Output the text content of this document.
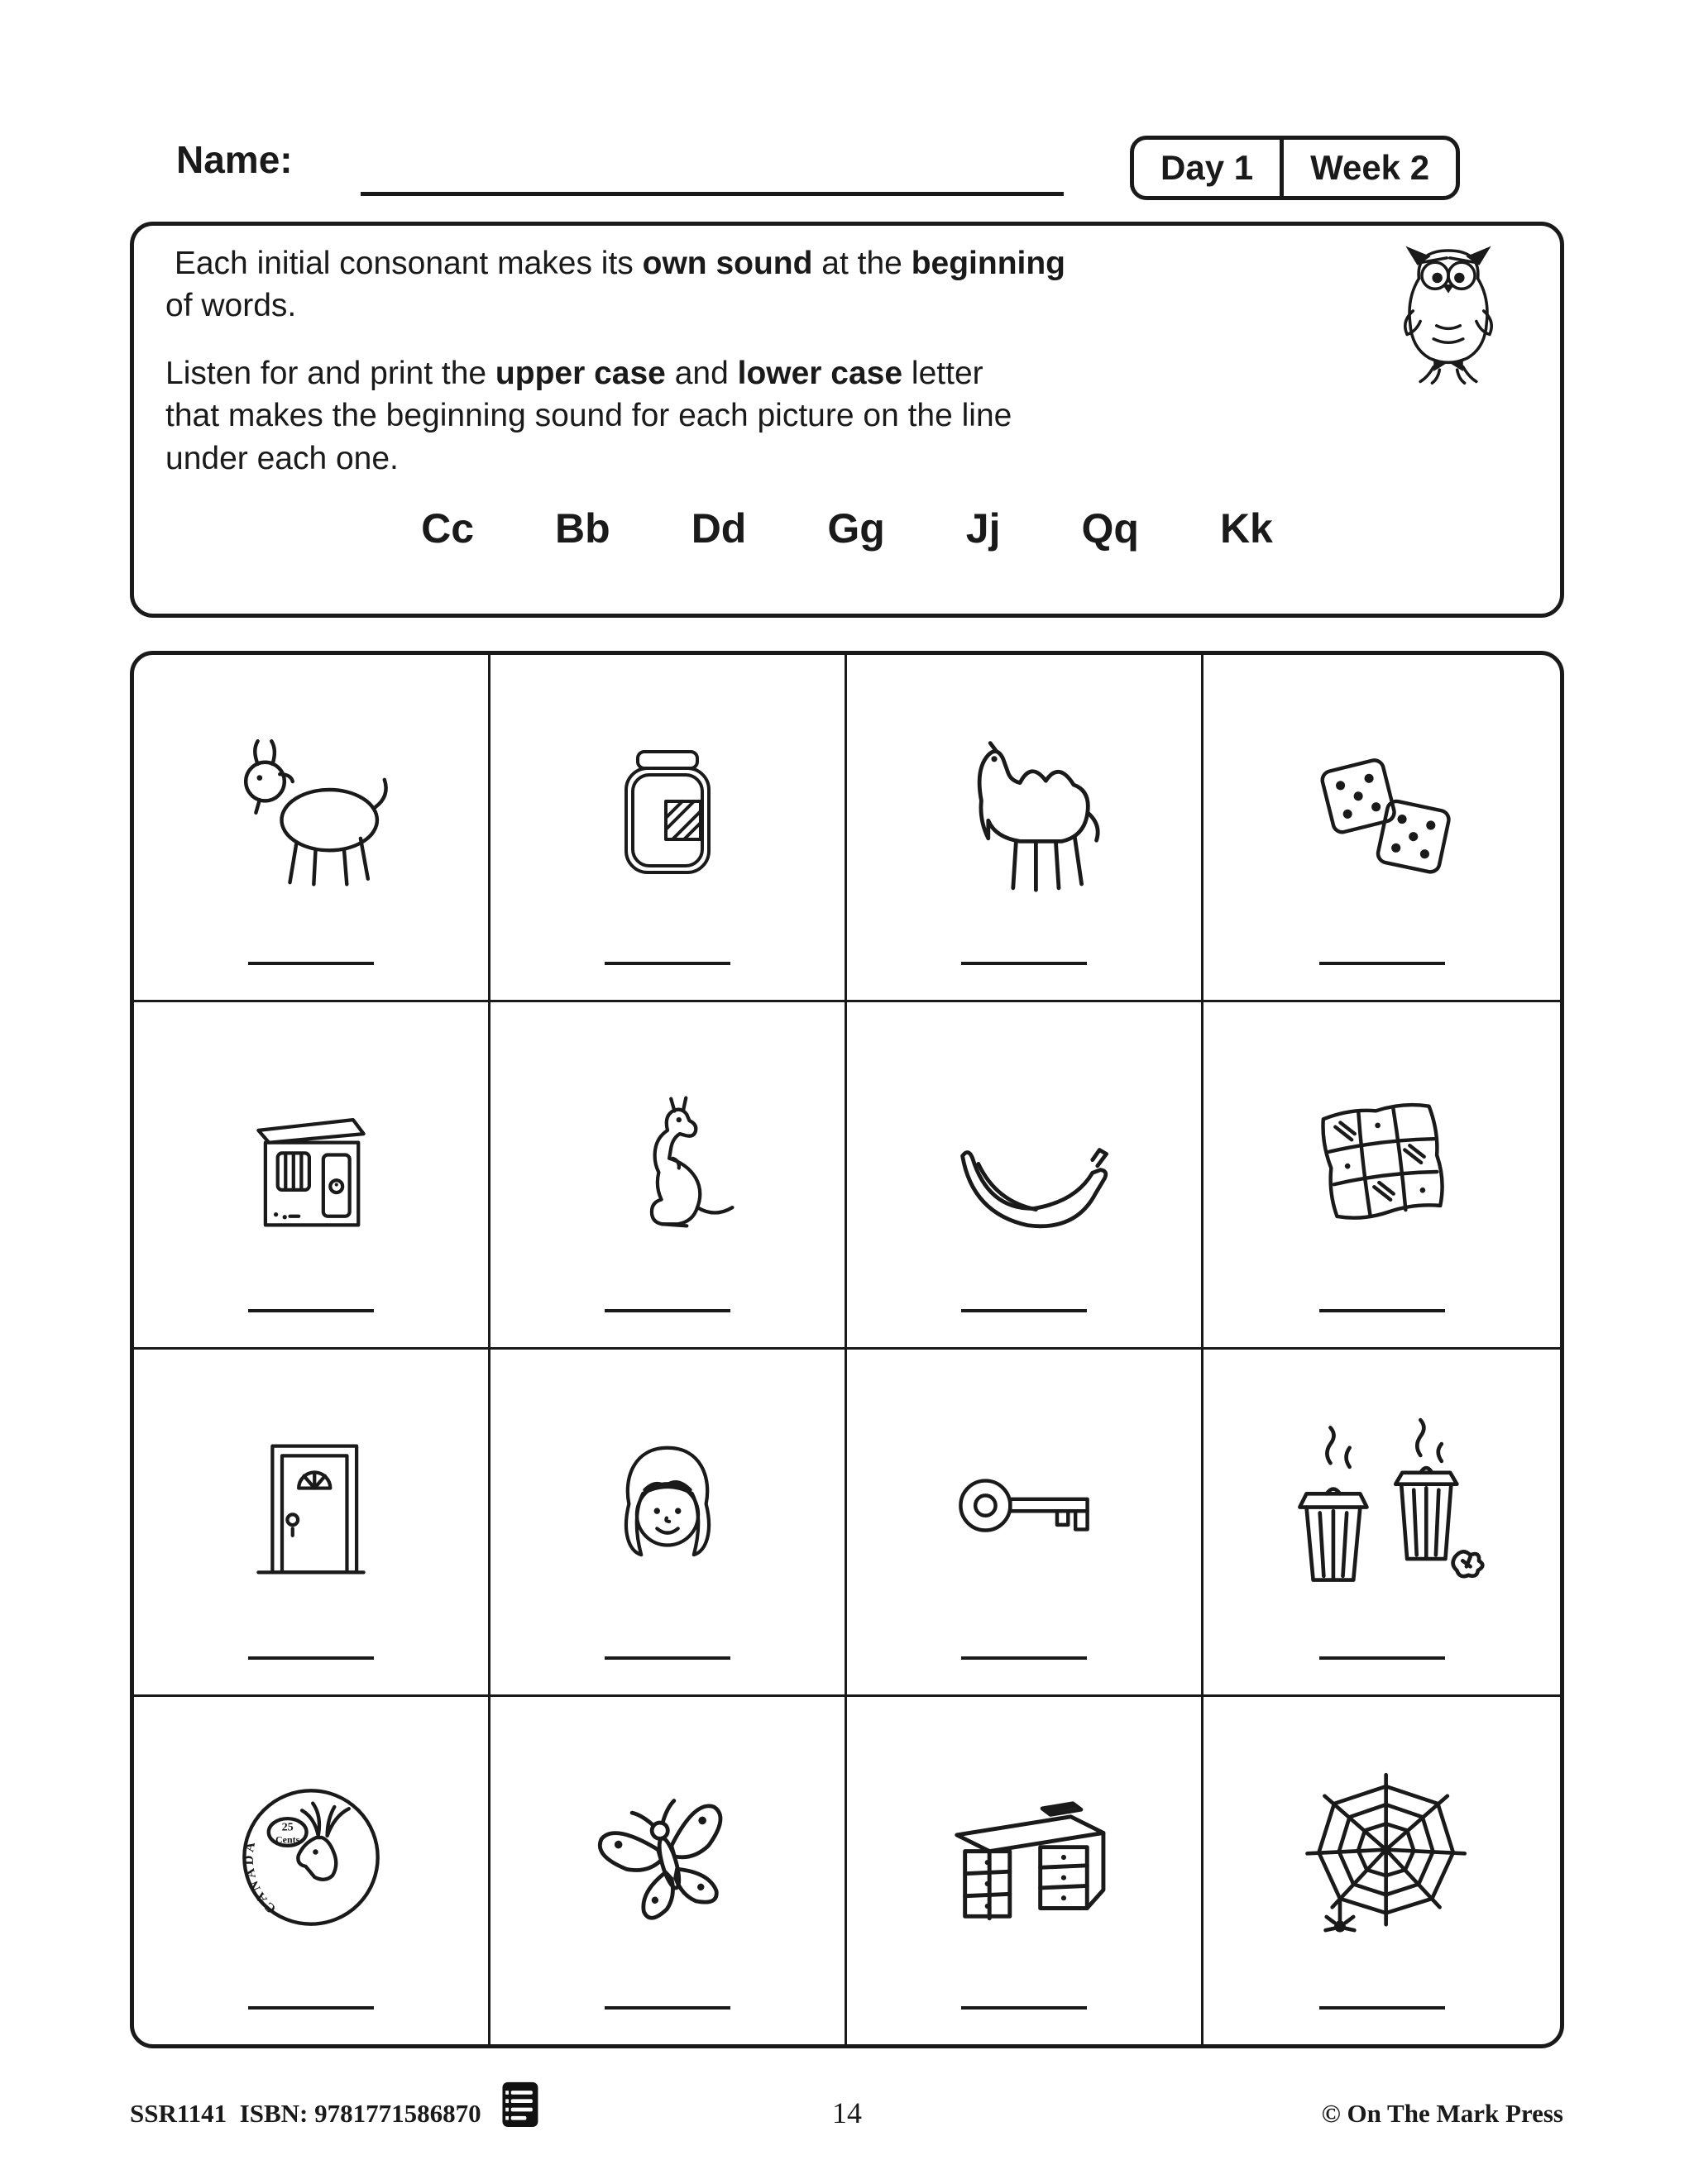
Name:	Day 1	Week 2

Each initial consonant makes its own sound at the beginning
of words.

Listen for and print the upper case and lower case letter
that makes the beginning sound for each picture on the line
under each one.

Cc Bb Dd Gg Jj Qq Kk
25
Cents
CANADA
SSR1141  ISBN: 9781771586870	14	© On The Mark Press
